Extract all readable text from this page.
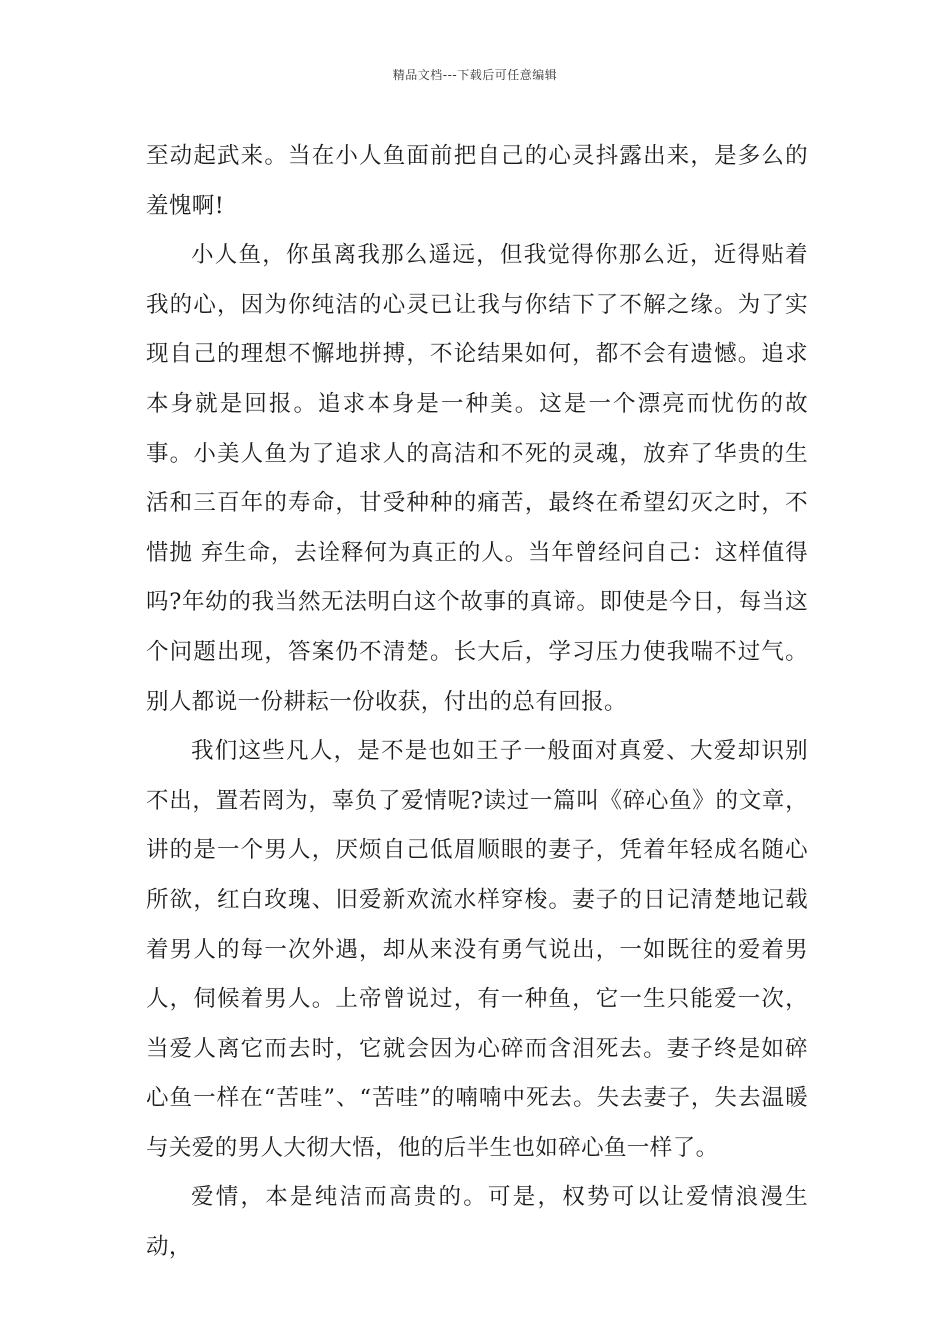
精品文档---下载后可任意编辑

至动起武来。当在小人鱼面前把自己的心灵抖露出来，是多么的羞愧啊!

小人鱼，你虽离我那么遥远，但我觉得你那么近，近得贴着我的心，因为你纯洁的心灵已让我与你结下了不解之缘。为了实现自己的理想不懈地拼搏，不论结果如何，都不会有遗憾。追求本身就是回报。追求本身是一种美。这是一个漂亮而忧伤的故事。小美人鱼为了追求人的高洁和不死的灵魂，放弃了华贵的生活和三百年的寿命，甘受种种的痛苦，最终在希望幻灭之时，不惜抛 弃生命，去诠释何为真正的人。当年曾经问自己：这样值得吗?年幼的我当然无法明白这个故事的真谛。即使是今日，每当这个问题出现，答案仍不清楚。长大后，学习压力使我喘不过气。别人都说一份耕耘一份收获，付出的总有回报。

我们这些凡人，是不是也如王子一般面对真爱、大爱却识别不出，置若罔为，辜负了爱情呢?读过一篇叫《碎心鱼》的文章，讲的是一个男人，厌烦自己低眉顺眼的妻子，凭着年轻成名随心所欲，红白玫瑰、旧爱新欢流水样穿梭。妻子的日记清楚地记载着男人的每一次外遇，却从来没有勇气说出，一如既往的爱着男人，伺候着男人。上帝曾说过，有一种鱼，它一生只能爱一次，当爱人离它而去时，它就会因为心碎而含泪死去。妻子终是如碎心鱼一样在“苦哇”、“苦哇”的喃喃中死去。失去妻子，失去温暖与关爱的男人大彻大悟，他的后半生也如碎心鱼一样了。

爱情，本是纯洁而高贵的。可是，权势可以让爱情浪漫生动，
